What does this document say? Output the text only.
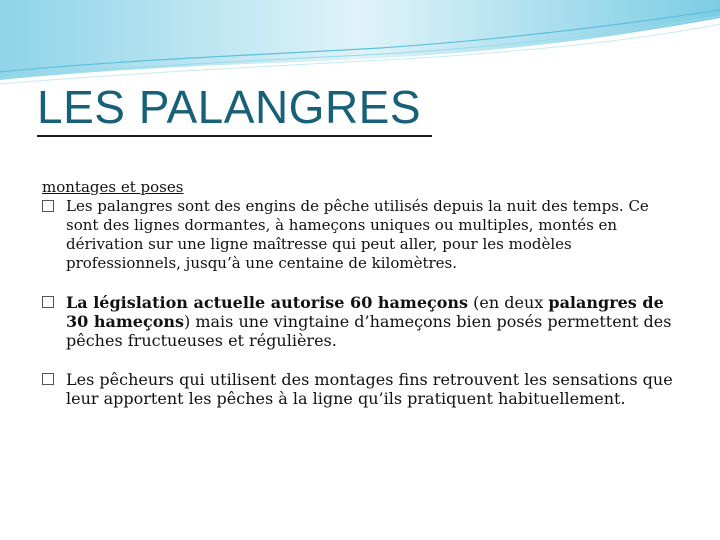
LES PALANGRES

montages et poses

Les palangres sont des engins de pêche utilisés depuis la nuit des temps. Ce sont des lignes dormantes, à hameçons uniques ou multiples, montés en dérivation sur une ligne maîtresse qui peut aller, pour les modèles professionnels, jusqu’à une centaine de kilomètres.

La législation actuelle autorise 60 hameçons (en deux palangres de 30 hameçons) mais une vingtaine d’hameçons bien posés permettent des pêches fructueuses et régulières.

Les pêcheurs qui utilisent des montages fins retrouvent les sensations que leur apportent les pêches à la ligne qu’ils pratiquent habituellement.
